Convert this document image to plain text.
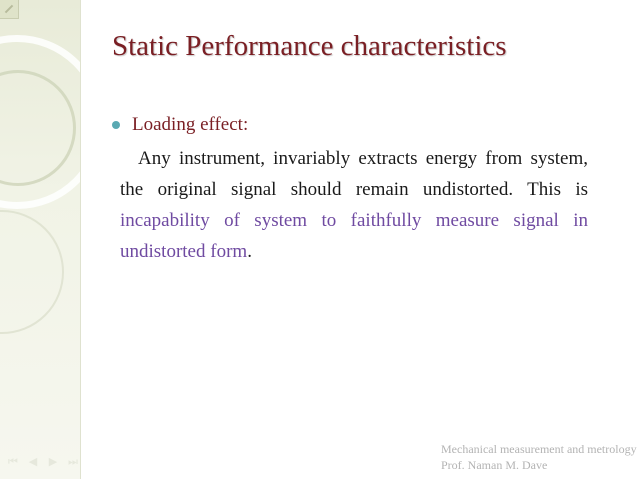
⏮ ◀ ▶ ⏭
Static Performance characteristics
Loading effect:
Any instrument, invariably extracts energy from system, the original signal should remain undistorted. This is incapability of system to faithfully measure signal in undistorted form.
Mechanical measurement and metrology
Prof. Naman M. Dave
